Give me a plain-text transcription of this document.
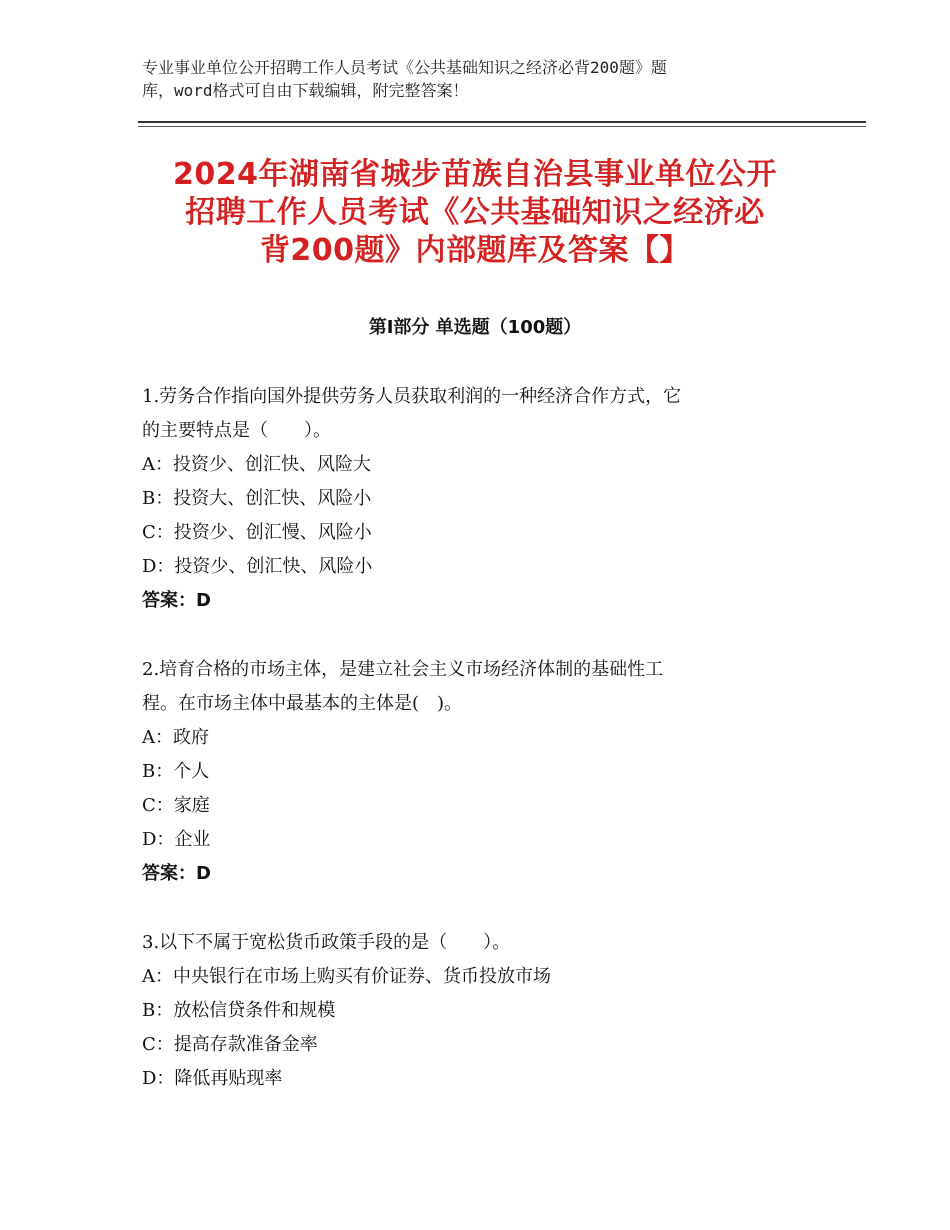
专业事业单位公开招聘工作人员考试《公共基础知识之经济必背200题》题
库，word格式可自由下载编辑，附完整答案！
2024年湖南省城步苗族自治县事业单位公开
招聘工作人员考试《公共基础知识之经济必
背200题》内部题库及答案【】
第Ⅰ部分 单选题（100题）
1.劳务合作指向国外提供劳务人员获取利润的一种经济合作方式，它
的主要特点是（　　）。
A：投资少、创汇快、风险大
B：投资大、创汇快、风险小
C：投资少、创汇慢、风险小
D：投资少、创汇快、风险小
答案：D
2.培育合格的市场主体，是建立社会主义市场经济体制的基础性工
程。在市场主体中最基本的主体是(　)。
A：政府
B：个人
C：家庭
D：企业
答案：D
3.以下不属于宽松货币政策手段的是（　　）。
A：中央银行在市场上购买有价证券、货币投放市场
B：放松信贷条件和规模
C：提高存款准备金率
D：降低再贴现率
